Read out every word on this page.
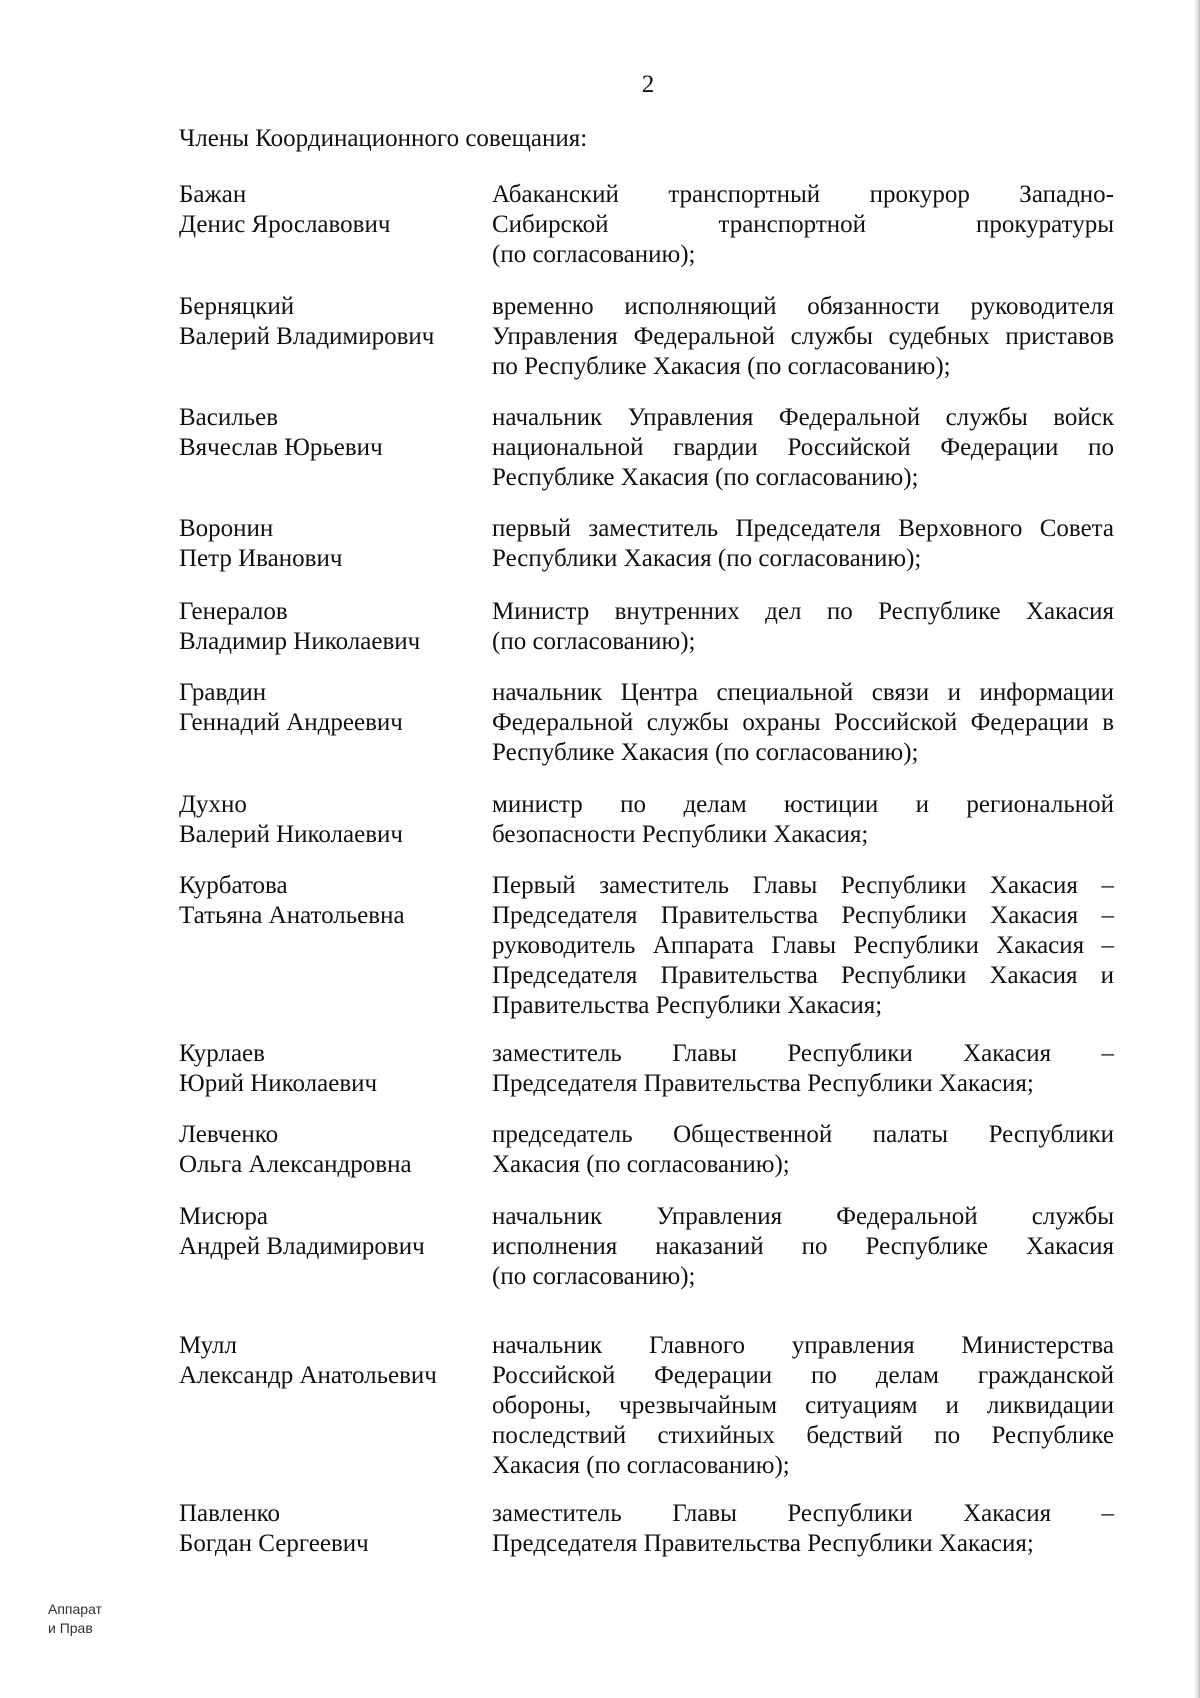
2
Члены Координационного совещания:
Бажан
Денис Ярославович
Абаканский транспортный прокурор Западно-
Сибирской транспортной прокуратуры
(по согласованию);
Берняцкий
Валерий Владимирович
временно исполняющий обязанности руководителя
Управления Федеральной службы судебных приставов
по Республике Хакасия (по согласованию);
Васильев
Вячеслав Юрьевич
начальник Управления Федеральной службы войск
национальной гвардии Российской Федерации по
Республике Хакасия (по согласованию);
Воронин
Петр Иванович
первый заместитель Председателя Верховного Совета
Республики Хакасия (по согласованию);
Генералов
Владимир Николаевич
Министр внутренних дел по Республике Хакасия
(по согласованию);
Гравдин
Геннадий Андреевич
начальник Центра специальной связи и информации
Федеральной службы охраны Российской Федерации в
Республике Хакасия (по согласованию);
Духно
Валерий Николаевич
министр по делам юстиции и региональной
безопасности Республики Хакасия;
Курбатова
Татьяна Анатольевна
Первый заместитель Главы Республики Хакасия –
Председателя Правительства Республики Хакасия –
руководитель Аппарата Главы Республики Хакасия –
Председателя Правительства Республики Хакасия и
Правительства Республики Хакасия;
Курлаев
Юрий Николаевич
заместитель Главы Республики Хакасия –
Председателя Правительства Республики Хакасия;
Левченко
Ольга Александровна
председатель Общественной палаты Республики
Хакасия (по согласованию);
Мисюра
Андрей Владимирович
начальник Управления Федеральной службы
исполнения наказаний по Республике Хакасия
(по согласованию);
Мулл
Александр Анатольевич
начальник Главного управления Министерства
Российской Федерации по делам гражданской
обороны, чрезвычайным ситуациям и ликвидации
последствий стихийных бедствий по Республике
Хакасия (по согласованию);
Павленко
Богдан Сергеевич
заместитель Главы Республики Хакасия –
Председателя Правительства Республики Хакасия;
Аппарат
и Прав
